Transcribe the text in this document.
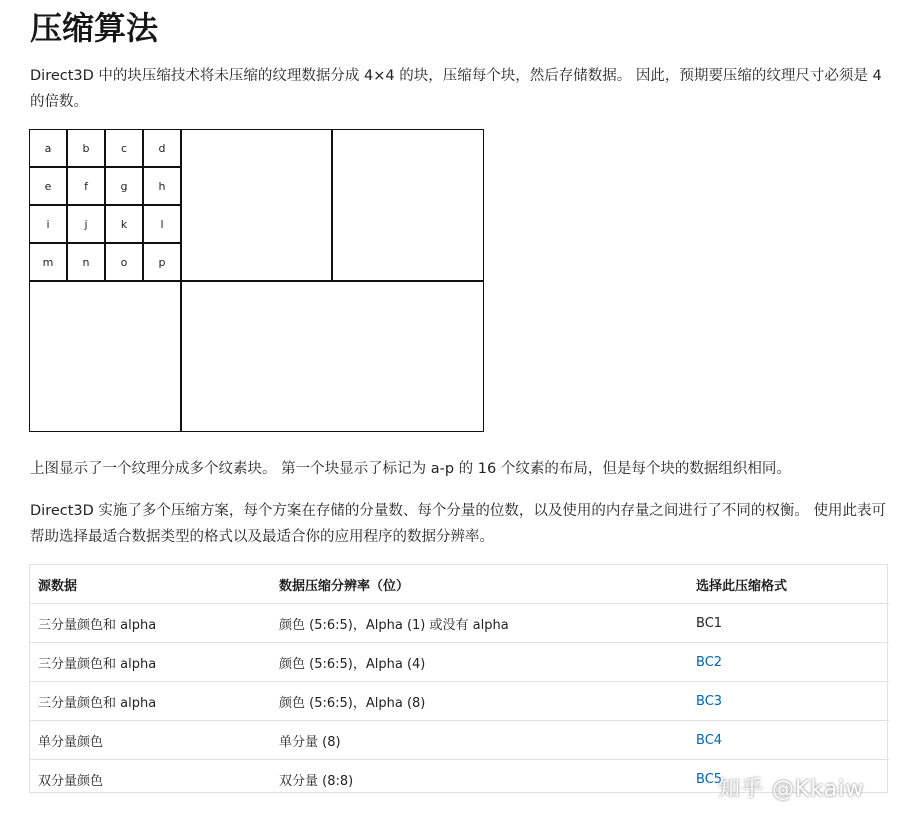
压缩算法

Direct3D 中的块压缩技术将未压缩的纹理数据分成 4×4 的块，压缩每个块，然后存储数据。 因此，预期要压缩的纹理尺寸必须是 4 的倍数。

a	b	c	d
e	f	g	h
i	j	k	l
m	n	o	p

上图显示了一个纹理分成多个纹素块。 第一个块显示了标记为 a-p 的 16 个纹素的布局，但是每个块的数据组织相同。

Direct3D 实施了多个压缩方案，每个方案在存储的分量数、每个分量的位数，以及使用的内存量之间进行了不同的权衡。 使用此表可帮助选择最适合数据类型的格式以及最适合你的应用程序的数据分辨率。

源数据	数据压缩分辨率（位）	选择此压缩格式
三分量颜色和 alpha	颜色 (5:6:5)，Alpha (1) 或没有 alpha	BC1
三分量颜色和 alpha	颜色 (5:6:5)，Alpha (4)	BC2
三分量颜色和 alpha	颜色 (5:6:5)，Alpha (8)	BC3
单分量颜色	单分量 (8)	BC4
双分量颜色	双分量 (8:8)	BC5
知乎 @Kkaiw
